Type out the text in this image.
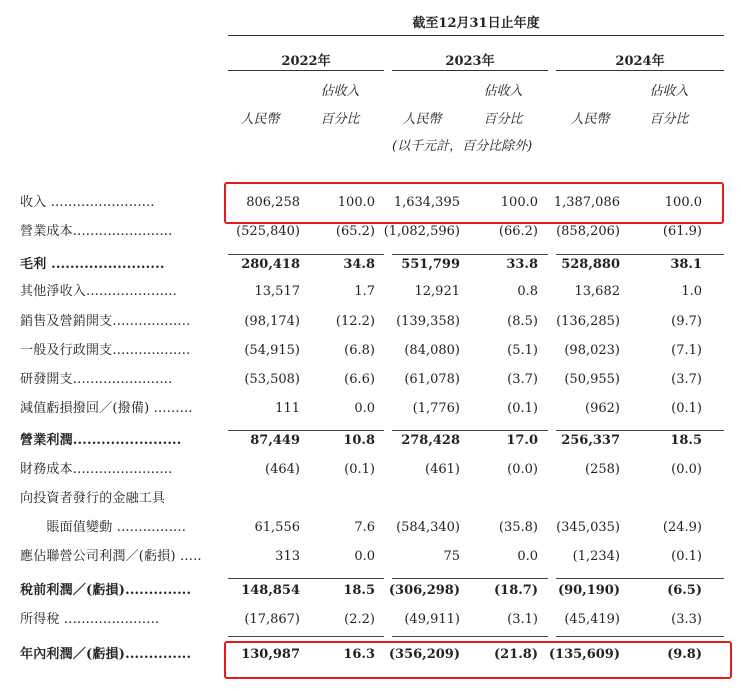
截至12月31日止年度
2022年	2023年	2024年
佔收入	佔收入	佔收入
人民幣	百分比	人民幣	百分比	人民幣	百分比
(以千元計，百分比除外)
收入 ........................	806,258	100.0	1,634,395	100.0	1,387,086	100.0
營業成本.......................	(525,840)	(65.2) (1,082,596)	(66.2)	(858,206)	(61.9)
毛利 ........................	280,418	34.8	551,799	33.8	528,880	38.1
其他淨收入.....................	13,517	1.7	12,921	0.8	13,682	1.0
銷售及營銷開支..................	(98,174)	(12.2)	(139,358)	(8.5)	(136,285)	(9.7)
一般及行政開支..................	(54,915)	(6.8)	(84,080)	(5.1)	(98,023)	(7.1)
研發開支.......................	(53,508)	(6.6)	(61,078)	(3.7)	(50,955)	(3.7)
減值虧損撥回／(撥備) .........	111	0.0	(1,776)	(0.1)	(962)	(0.1)
營業利潤.......................	87,449	10.8	278,428	17.0	256,337	18.5
財務成本.......................	(464)	(0.1)	(461)	(0.0)	(258)	(0.0)
向投資者發行的金融工具
　　賬面值變動 ................	61,556	7.6	(584,340)	(35.8)	(345,035)	(24.9)
應佔聯營公司利潤／(虧損) .....	313	0.0	75	0.0	(1,234)	(0.1)
稅前利潤／(虧損)..............	148,854	18.5	(306,298)	(18.7)	(90,190)	(6.5)
所得稅 ......................	(17,867)	(2.2)	(49,911)	(3.1)	(45,419)	(3.3)
年內利潤／(虧損)..............	130,987	16.3	(356,209)	(21.8) (135,609)	(9.8)
